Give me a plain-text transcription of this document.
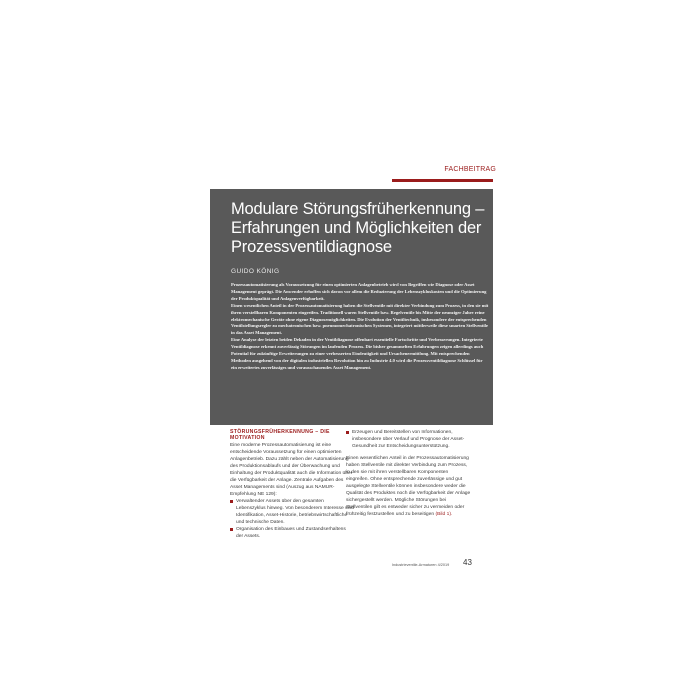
FACHBEITRAG
Modulare Störungsfrüherkennung – Erfahrungen und Möglichkeiten der Prozessventildiagnose
GUIDO KÖNIG

Prozessautomatisierung als Voraussetzung für einen optimierten Anlagenbetrieb wird von Begriffen wie Diagnose oder Asset Management geprägt. Die Anwender erhoffen sich davon vor allem die Reduzierung der Lebenszykluskosten und die Optimierung der Produktqualität und Anlagenverfügbarkeit.

Einen wesentlichen Anteil in der Prozessautomatisierung haben die Stellventile mit direkter Verbindung zum Prozess, in den sie mit ihren verstellbaren Komponenten eingreifen. Traditionell waren Stellventile bzw. Regelventile bis Mitte der neunziger Jahre reine elektromechanische Geräte ohne eigene Diagnosemöglichkeiten. Die Evolution der Ventiltechnik, insbesondere der entsprechenden Ventilstellungsregler zu mechatronischen bzw. pneumomechatronischen Systemen, integriert mittlerweile diese smarten Stellventile in das Asset Management.

Eine Analyse der letzten beiden Dekaden in der Ventildiagnose offenbart essentielle Fortschritte und Verbesserungen. Integrierte Ventildiagnose erkennt zuverlässig Störungen im laufenden Prozess. Die bisher gesammelten Erfahrungen zeigen allerdings auch Potential für zukünftige Erweiterungen zu einer verbesserten Eindeutigkeit und Ursachenermittlung. Mit entsprechenden Methoden ausgehend von der digitalen industriellen Revolution hin zu Industrie 4.0 wird die Prozessventildiagnose Schlüssel für ein erweitertes zuverlässiges und vorausschauendes Asset Management.

STÖRUNGSFRÜHERKENNUNG – DIE MOTIVATION

Eine moderne Prozessautomatisierung ist eine entscheidende Voraussetzung für einen optimierten Anlagenbetrieb. Dazu zählt neben der Automatisierung des Produktionsablaufs und der Überwachung und Einhaltung der Produktqualität auch die Information über die Verfügbarkeit der Anlage. Zentrale Aufgaben des Asset Managements sind (Auszug aus NAMUR-Empfehlung NE 129):

Verwaltender Assets über den gesamten Lebenszyklus hinweg. Von besonderem Interesse sind Identifikation, Asset-Historie, betriebswirtschaftliche und technische Daten.

Organisation des Einbaues und Zustandserhaltens der Assets.

Erzeugen und Bereitstellen von Informationen, insbesondere über Verlauf und Prognose der Asset-Gesundheit zur Entscheidungsunterstützung.

Einen wesentlichen Anteil in der Prozessautomatisierung haben Stellventile mit direkter Verbindung zum Prozess, in den sie mit ihren verstellbaren Komponenten eingreifen. Ohne entsprechende zuverlässige und gut ausgelegte Stellventile können insbesondere weder die Qualität des Produktes noch die Verfügbarkeit der Anlage sichergestellt werden. Mögliche Störungen bei Stellventilen gilt es entweder sicher zu vermeiden oder frühzeitig festzustellen und zu beseitigen (Bild 1).

Industrieventile-Armaturen 4/2019 43
